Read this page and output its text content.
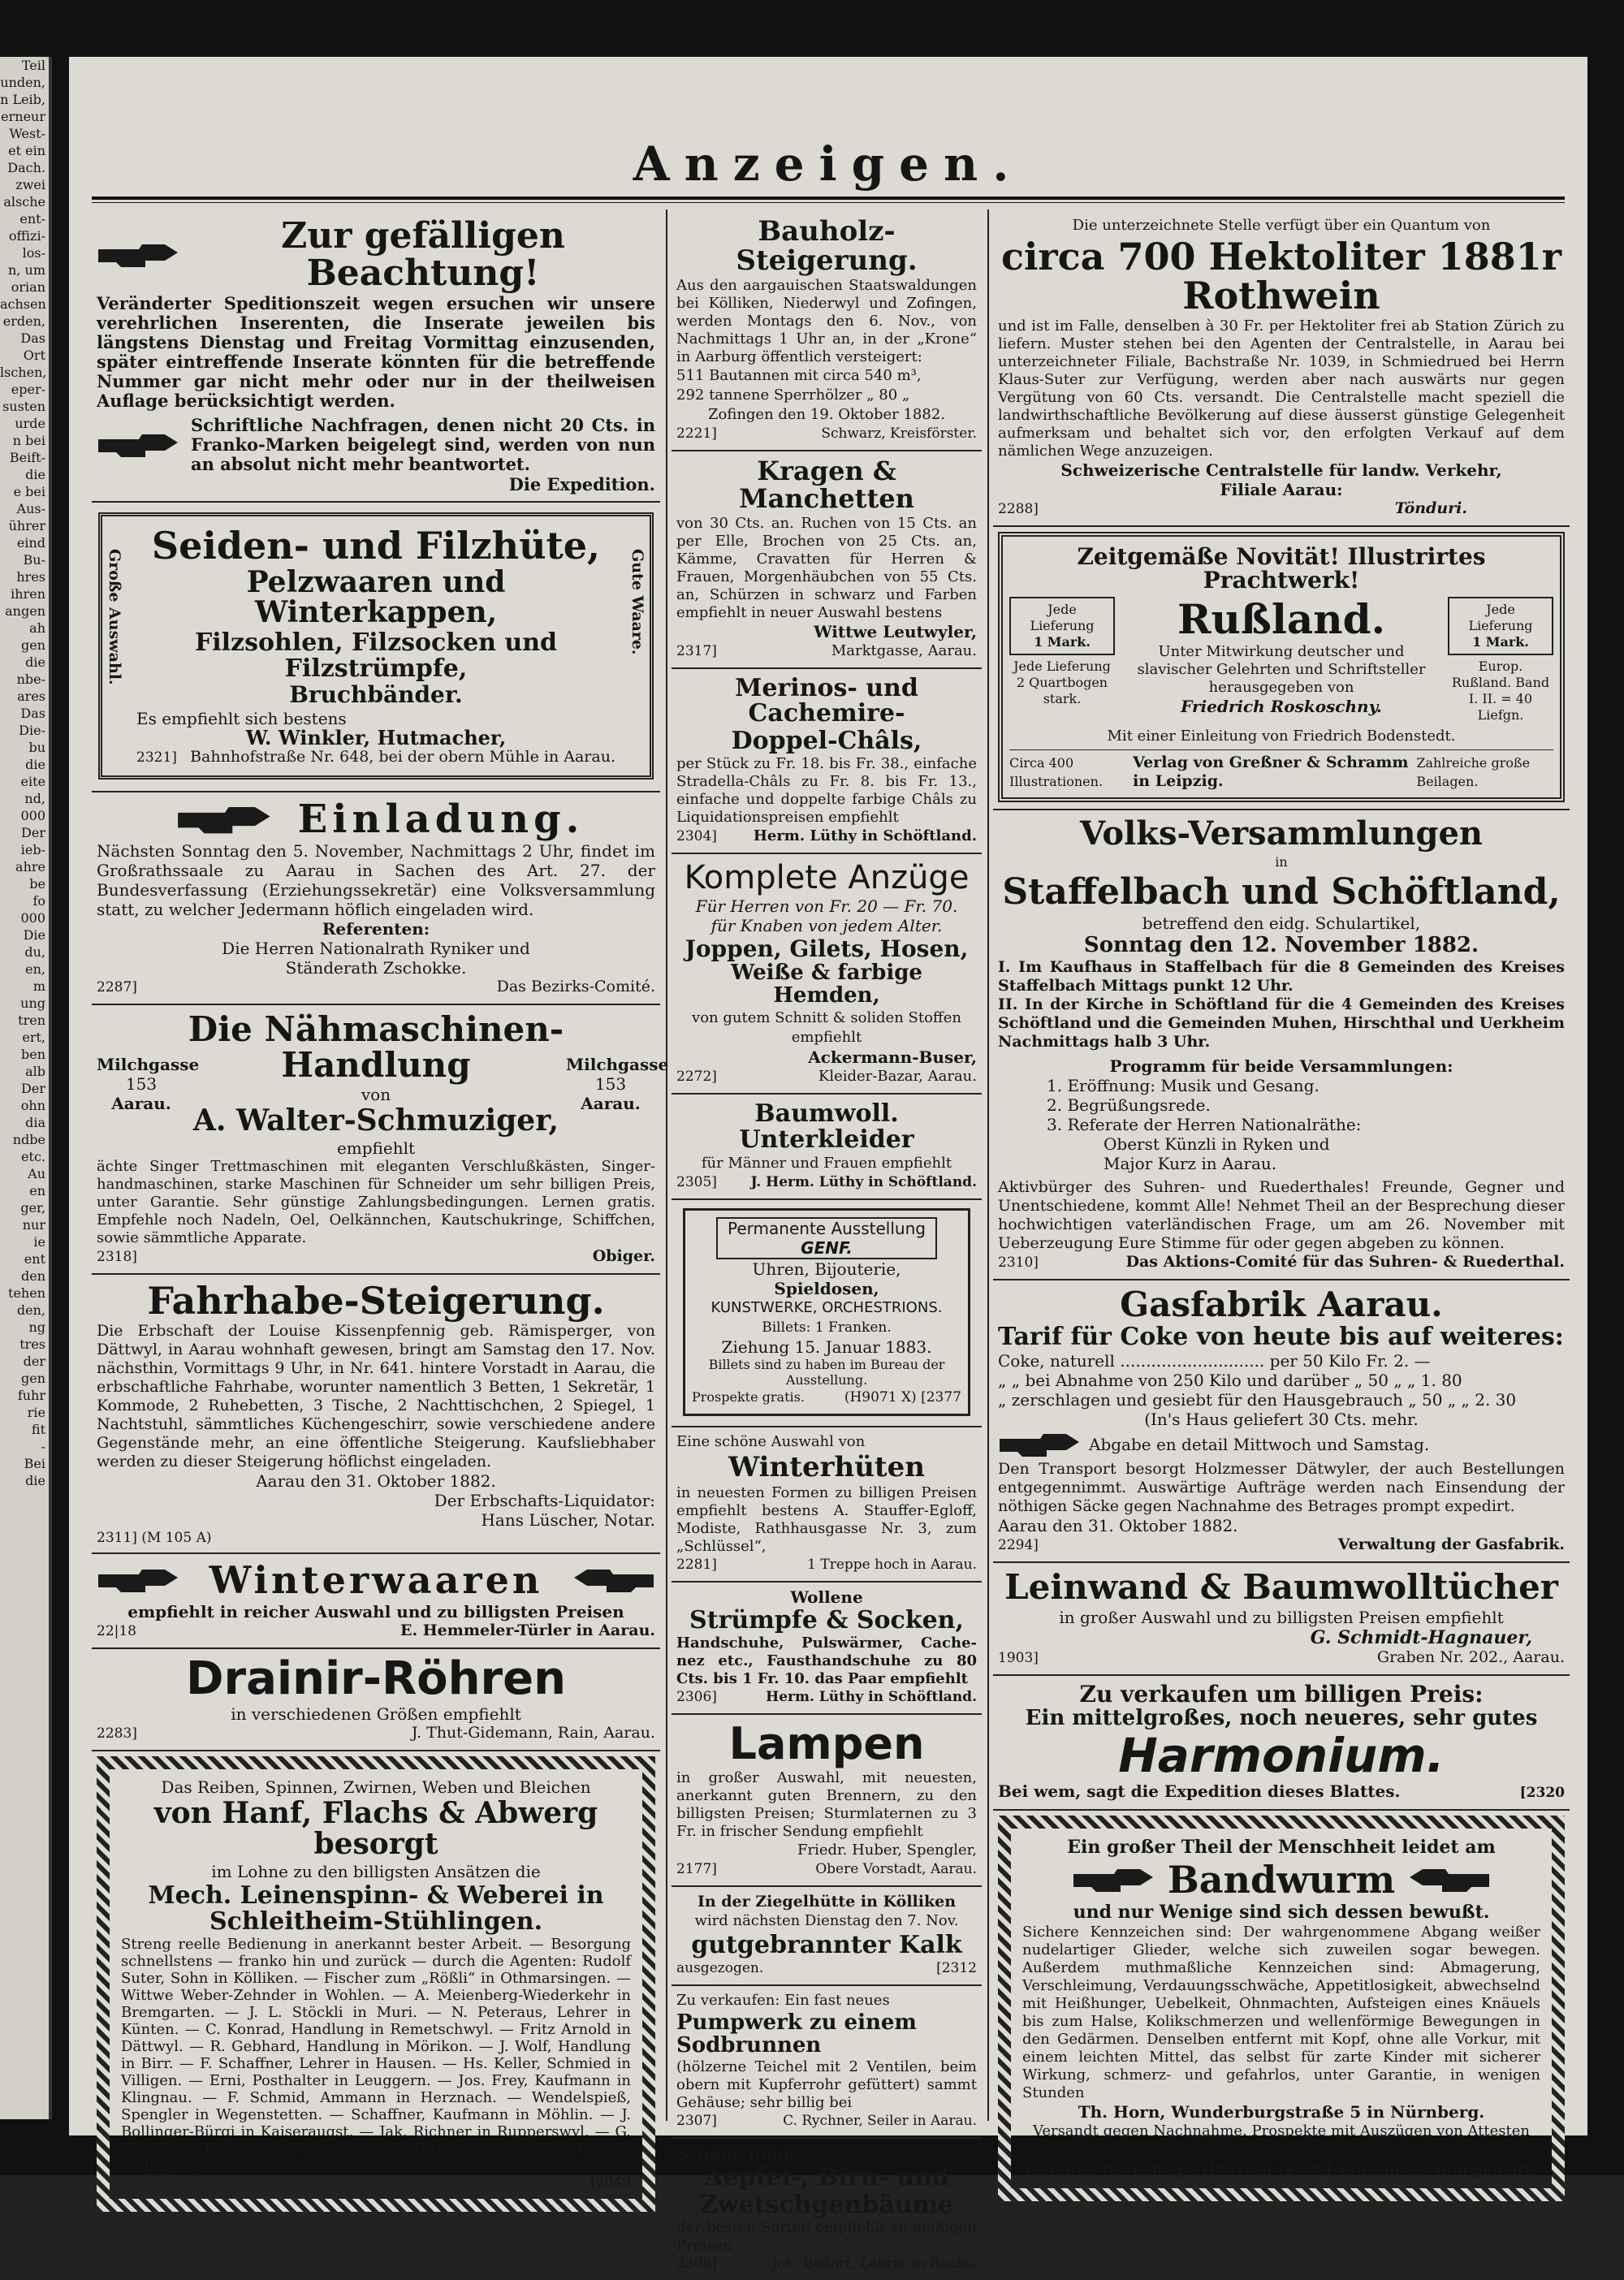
Teil
unden,
n Leib,
erneur
West-
et ein
Dach.
zwei
alsche
ent-
offizi-
los-
n, um
orian
achsen
erden,
Das
Ort
lschen,
eper-
susten
urde
n bei
Beift-
die
e bei
Aus-
ührer
eind
Bu-
hres
ihren
angen
ah
gen
die
nbe-
ares
Das
Die-
bu
die
eite
nd,
000
Der
ieb-
ahre
be
fo
000
Die
du,
en,
m
ung
tren
ert,
ben
alb
Der
ohn
dia
ndbe
etc.
Au
en
ger,
nur
ie
ent
den
tehen
den,
ng
tres
der
gen
fuhr
rie
fit
-
Bei
die
Anzeigen.
Zur gefälligen Beachtung!

Veränderter Speditionszeit wegen ersuchen wir unsere verehrlichen Inserenten, die Inserate jeweilen bis längstens Dienstag und Freitag Vormittag einzusenden, später eintreffende Inserate könnten für die betreffende Nummer gar nicht mehr oder nur in der theilweisen Auflage berücksichtigt werden.

Schriftliche Nachfragen, denen nicht 20 Cts. in Franko-Marken beigelegt sind, werden von nun an absolut nicht mehr beantwortet.

Die Expedition.
Große Auswahl.	Gute Waare.
Seiden- und Filzhüte,
Pelzwaaren und Winterkappen,
Filzsohlen, Filzsocken und Filzstrümpfe,
Bruchbänder.
Es empfiehlt sich bestens
W. Winkler, Hutmacher,
2321] Bahnhofstraße Nr. 648, bei der obern Mühle in Aarau.
Einladung.

Nächsten Sonntag den 5. November, Nachmittags 2 Uhr, findet im Großrathssaale zu Aarau in Sachen des Art. 27. der Bundesverfassung (Erziehungssekretär) eine Volksversammlung statt, zu welcher Jedermann höflich eingeladen wird.

Referenten:
Die Herren Nationalrath Ryniker und
Ständerath Zschokke.
2287]	Das Bezirks-Comité.
Milchgasse
153
Aarau.
Die Nähmaschinen-Handlung
von
A. Walter-Schmuziger,
empfiehlt
Milchgasse
153
Aarau.

ächte Singer Trettmaschinen mit eleganten Verschlußkästen, Singer-handmaschinen, starke Maschinen für Schneider um sehr billigen Preis, unter Garantie. Sehr günstige Zahlungsbedingungen. Lernen gratis. Empfehle noch Nadeln, Oel, Oelkännchen, Kautschukringe, Schiffchen, sowie sämmtliche Apparate.

2318]	Obiger.
Fahrhabe-Steigerung.

Die Erbschaft der Louise Kissenpfennig geb. Rämisperger, von Dättwyl, in Aarau wohnhaft gewesen, bringt am Samstag den 17. Nov. nächsthin, Vormittags 9 Uhr, in Nr. 641. hintere Vorstadt in Aarau, die erbschaftliche Fahrhabe, worunter namentlich 3 Betten, 1 Sekretär, 1 Kommode, 2 Ruhebetten, 3 Tische, 2 Nachttischchen, 2 Spiegel, 1 Nachtstuhl, sämmtliches Küchengeschirr, sowie verschiedene andere Gegenstände mehr, an eine öffentliche Steigerung. Kaufsliebhaber werden zu dieser Steigerung höflichst eingeladen.

Aarau den 31. Oktober 1882.
Der Erbschafts-Liquidator:
Hans Lüscher, Notar.
2311] (M 105 A)
Winterwaaren
empfiehlt in reicher Auswahl und zu billigsten Preisen
22|18	E. Hemmeler-Türler in Aarau.
Drainir-Röhren
in verschiedenen Größen empfiehlt
2283]	J. Thut-Gidemann, Rain, Aarau.
Das Reiben, Spinnen, Zwirnen, Weben und Bleichen
von Hanf, Flachs & Abwerg besorgt
im Lohne zu den billigsten Ansätzen die
Mech. Leinenspinn- & Weberei in Schleitheim-Stühlingen.

Streng reelle Bedienung in anerkannt bester Arbeit. — Besorgung schnellstens — franko hin und zurück — durch die Agenten: Rudolf Suter, Sohn in Kölliken. — Fischer zum „Rößli“ in Othmarsingen. — Wittwe Weber-Zehnder in Wohlen. — A. Meienberg-Wiederkehr in Bremgarten. — J. L. Stöckli in Muri. — N. Peteraus, Lehrer in Künten. — C. Konrad, Handlung in Remetschwyl. — Fritz Arnold in Dättwyl. — R. Gebhard, Handlung in Mörikon. — J. Wolf, Handlung in Birr. — F. Schaffner, Lehrer in Hausen. — Hs. Keller, Schmied in Villigen. — Erni, Posthalter in Leuggern. — Jos. Frey, Kaufmann in Klingnau. — F. Schmid, Ammann in Herznach. — Wendelspieß, Spengler in Wegenstetten. — Schaffner, Kaufmann in Möhlin. — J. Bollinger-Bürgi in Kaiseraugst. — Jak. Richner in Rupperswyl. — G. Winkler in Kaisten. — Herm. Meyer in Birmenstorf. — Albin Frey in Mellingen.

[2049
Bauholz-Steigerung.

Aus den aargauischen Staatswaldungen bei Kölliken, Niederwyl und Zofingen, werden Montags den 6. Nov., von Nachmittags 1 Uhr an, in der „Krone“ in Aarburg öffentlich versteigert:

511 Bautannen mit circa 540 m³,
292 tannene Sperrhölzer „ 80 „
Zofingen den 19. Oktober 1882.
2221]	Schwarz, Kreisförster.
Kragen & Manchetten

von 30 Cts. an. Ruchen von 15 Cts. an per Elle, Brochen von 25 Cts. an, Kämme, Cravatten für Herren & Frauen, Morgenhäubchen von 55 Cts. an, Schürzen in schwarz und Farben empfiehlt in neuer Auswahl bestens

Wittwe Leutwyler,
2317]	Marktgasse, Aarau.
Merinos- und Cachemire-
Doppel-Châls,

per Stück zu Fr. 18. bis Fr. 38., einfache Stradella-Châls zu Fr. 8. bis Fr. 13., einfache und doppelte farbige Châls zu Liquidationspreisen empfiehlt

2304] Herm. Lüthy in Schöftland.
Komplete Anzüge
Für Herren von Fr. 20 — Fr. 70.
für Knaben von jedem Alter.
Joppen, Gilets, Hosen,
Weiße & farbige Hemden,
von gutem Schnitt & soliden Stoffen empfiehlt
Ackermann-Buser,
2272]	Kleider-Bazar, Aarau.
Baumwoll. Unterkleider
für Männer und Frauen empfiehlt
2305] J. Herm. Lüthy in Schöftland.
Permanente Ausstellung
GENF.
Uhren, Bijouterie,
Spieldosen,
KUNSTWERKE, ORCHESTRIONS.
Billets: 1 Franken.
Ziehung 15. Januar 1883.
Billets sind zu haben im Bureau der Ausstellung.
Prospekte gratis.	(H9071 X) [2377
Eine schöne Auswahl von
Winterhüten

in neuesten Formen zu billigen Preisen empfiehlt bestens A. Stauffer-Egloff, Modiste, Rathhausgasse Nr. 3, zum „Schlüssel“,

2281]	1 Treppe hoch in Aarau.
Wollene
Strümpfe & Socken,

Handschuhe, Pulswärmer, Cache-nez etc., Fausthandschuhe zu 80 Cts. bis 1 Fr. 10. das Paar empfiehlt

2306]	Herm. Lüthy in Schöftland.
Lampen

in großer Auswahl, mit neuesten, anerkannt guten Brennern, zu den billigsten Preisen; Sturmlaternen zu 3 Fr. in frischer Sendung empfiehlt

Friedr. Huber, Spengler,
2177]	Obere Vorstadt, Aarau.
In der Ziegelhütte in Kölliken
wird nächsten Dienstag den 7. Nov.
gutgebrannter Kalk
ausgezogen.	[2312
Zu verkaufen: Ein fast neues
Pumpwerk zu einem Sodbrunnen

(hölzerne Teichel mit 2 Ventilen, beim obern mit Kupferrohr gefüttert) sammt Gehäuse; sehr billig bei

2307]	C. Rychner, Seiler in Aarau.
Schöne junge
Aepfel-, Birn- und
Zwetschgenbäume

der besten Sorten empfiehlt zu mäßigen Preisen

2308]	Joh. Boßart, Lehrer in Buchs.
Die unterzeichnete Stelle verfügt über ein Quantum von
circa 700 Hektoliter 1881r Rothwein

und ist im Falle, denselben à 30 Fr. per Hektoliter frei ab Station Zürich zu liefern. Muster stehen bei den Agenten der Centralstelle, in Aarau bei unterzeichneter Filiale, Bachstraße Nr. 1039, in Schmiedrued bei Herrn Klaus-Suter zur Verfügung, werden aber nach auswärts nur gegen Vergütung von 60 Cts. versandt. Die Centralstelle macht speziell die landwirthschaftliche Bevölkerung auf diese äusserst günstige Gelegenheit aufmerksam und behaltet sich vor, den erfolgten Verkauf auf dem nämlichen Wege anzuzeigen.

Schweizerische Centralstelle für landw. Verkehr,
Filiale Aarau:
2288]	Tönduri.
Zeitgemäße Novität! Illustrirtes Prachtwerk!
Jede Lieferung
1 Mark.
Jede Lieferung 2 Quartbogen stark.
Rußland.
Unter Mitwirkung deutscher und slavischer Gelehrten und Schriftsteller herausgegeben von
Friedrich Roskoschny.
Jede Lieferung
1 Mark.
Europ. Rußland. Band I. II. = 40 Liefgn.
Mit einer Einleitung von Friedrich Bodenstedt.
Circa 400 Illustrationen.
Verlag von Greßner & Schramm in Leipzig.
Zahlreiche große Beilagen.
Volks-Versammlungen
in
Staffelbach und Schöftland,
betreffend den eidg. Schulartikel,
Sonntag den 12. November 1882.

I. Im Kaufhaus in Staffelbach für die 8 Gemeinden des Kreises Staffelbach Mittags punkt 12 Uhr.

II. In der Kirche in Schöftland für die 4 Gemeinden des Kreises Schöftland und die Gemeinden Muhen, Hirschthal und Uerkheim Nachmittags halb 3 Uhr.

Programm für beide Versammlungen:
1. Eröffnung: Musik und Gesang.
2. Begrüßungsrede.
3. Referate der Herren Nationalräthe:
Oberst Künzli in Ryken und
Major Kurz in Aarau.

Aktivbürger des Suhren- und Ruederthales! Freunde, Gegner und Unentschiedene, kommt Alle! Nehmet Theil an der Besprechung dieser hochwichtigen vaterländischen Frage, um am 26. November mit Ueberzeugung Eure Stimme für oder gegen abgeben zu können.

2310]	Das Aktions-Comité für das Suhren- & Ruederthal.
Gasfabrik Aarau.
Tarif für Coke von heute bis auf weiteres:
Coke, naturell ............................ per 50 Kilo Fr. 2. —
„ „ bei Abnahme von 250 Kilo und darüber „ 50 „ „ 1. 80
„ zerschlagen und gesiebt für den Hausgebrauch „ 50 „ „ 2. 30
(In's Haus geliefert 30 Cts. mehr.
Abgabe en detail Mittwoch und Samstag.

Den Transport besorgt Holzmesser Dätwyler, der auch Bestellungen entgegennimmt. Auswärtige Aufträge werden nach Einsendung der nöthigen Säcke gegen Nachnahme des Betrages prompt expedirt.

Aarau den 31. Oktober 1882.
2294]	Verwaltung der Gasfabrik.
Leinwand & Baumwolltücher
in großer Auswahl und zu billigsten Preisen empfiehlt
G. Schmidt-Hagnauer,
1903]	Graben Nr. 202., Aarau.
Zu verkaufen um billigen Preis:
Ein mittelgroßes, noch neueres, sehr gutes
Harmonium.
Bei wem, sagt die Expedition dieses Blattes.	[2320
Ein großer Theil der Menschheit leidet am
Bandwurm
und nur Wenige sind sich dessen bewußt.

Sichere Kennzeichen sind: Der wahrgenommene Abgang weißer nudelartiger Glieder, welche sich zuweilen sogar bewegen. Außerdem muthmaßliche Kennzeichen sind: Abmagerung, Verschleimung, Verdauungsschwäche, Appetitlosigkeit, abwechselnd mit Heißhunger, Uebelkeit, Ohnmachten, Aufsteigen eines Knäuels bis zum Halse, Kolikschmerzen und wellenförmige Bewegungen in den Gedärmen. Denselben entfernt mit Kopf, ohne alle Vorkur, mit einem leichten Mittel, das selbst für zarte Kinder mit sicherer Wirkung, schmerz- und gefahrlos, unter Garantie, in wenigen Stunden

Th. Horn, Wunderburgstraße 5 in Nürnberg.
Versandt gegen Nachnahme. Prospekte mit Auszügen von Attesten gratis und franko.
Garantie für Erfolg! (H8516a) [1586] Tausende schon geheilt!
